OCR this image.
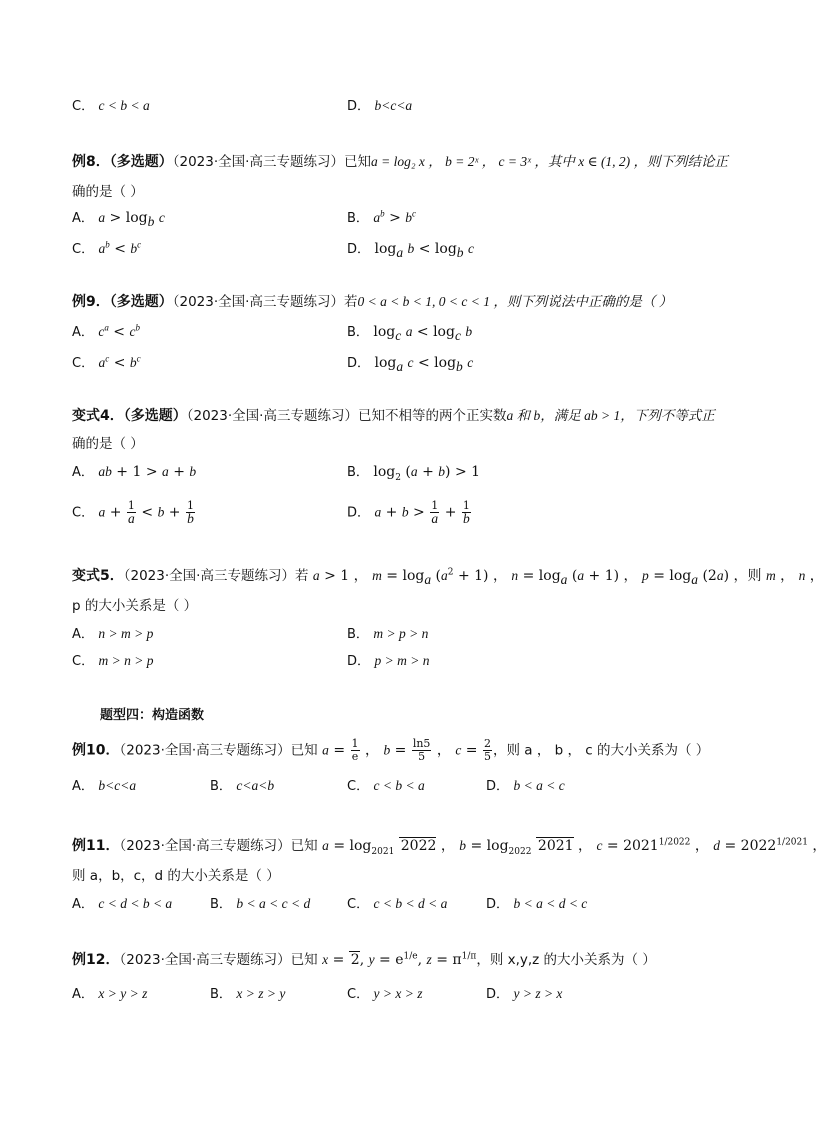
C． c < b < a	D． b<c<a
例8．（多选题）（2023·全国·高三专题练习）已知a = log₂ x ， b = 2ˣ ， c = 3ˣ ，其中 x ∈ (1, 2) ，则下列结论正
确的是（ ）
A． $a > \log_b c$	B． $a^b > b^c$
C． $a^b < b^c$	D． $\log_a b < \log_b c$
例9．（多选题）（2023·全国·高三专题练习）若0 < a < b < 1, 0 < c < 1 ，则下列说法中正确的是（ ）
A． $c^a < c^b$	B． $\log_c a < \log_c b$
C． $a^c < b^c$	D． $\log_a c < \log_b c$
变式4．（多选题）（2023·全国·高三专题练习）已知不相等的两个正实数a 和 b，满足 ab > 1，下列不等式正
确的是（ ）
A． ab + 1 > a + b	B． $\log_2 (a + b) > 1$
C． $a + \frac{1}{a} < b + \frac{1}{b}$	D． $a + b > \frac{1}{a} + \frac{1}{b}$
变式5．（2023·全国·高三专题练习）若 a > 1 ， $m = \log_a (a^2 + 1)$ ， $n = \log_a (a + 1)$ ， $p = \log_a (2a)$ ，则 m ， n ，
p 的大小关系是（ ）
A． n > m > p	B． m > p > n
C． m > n > p	D． p > m > n
题型四：构造函数
例10．（2023·全国·高三专题练习）已知 $a = \frac{1}{e}$ ， $b = \frac{\ln 5}{5}$ ， $c = \frac{2}{5}$ ，则 a ， b ， c 的大小关系为（ ）
A． b<c<a	B． c<a<b	C． c < b < a	D． b < a < c
例11．（2023·全国·高三专题练习）已知 $a = \log_{2021} 2022$ ， $b = \log_{2022} 2021$ ， $c = 2021^{1/2022}$ ， $d = 2022^{1/2021}$ ，
则 a，b，c，d 的大小关系是（ ）
A． c < d < b < a	B． b < a < c < d	C． c < b < d < a	D． b < a < d < c
例12．（2023·全国·高三专题练习）已知 x = 2, $y = e^{1/e}$, $z = \pi^{1/\pi}$，则 x,y,z 的大小关系为（ ）
A． x > y > z	B． x > z > y	C． y > x > z	D． y > z > x
